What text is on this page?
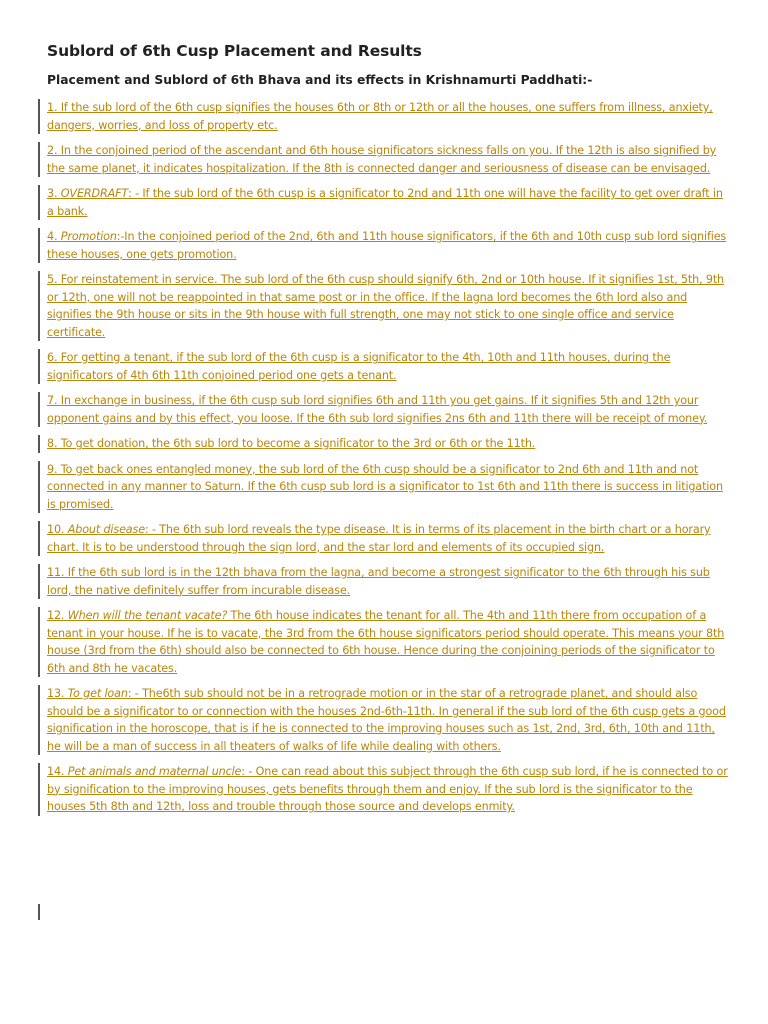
Sublord of 6th Cusp Placement and Results
Placement and Sublord of 6th Bhava and its effects in Krishnamurti Paddhati:-
1. If the sub lord of the 6th cusp signifies the houses 6th or 8th or 12th or all the houses, one suffers from illness, anxiety, dangers, worries, and loss of property etc.
2. In the conjoined period of the ascendant and 6th house significators sickness falls on you. If the 12th is also signified by the same planet, it indicates hospitalization. If the 8th is connected danger and seriousness of disease can be envisaged.
3. OVERDRAFT: - If the sub lord of the 6th cusp is a significator to 2nd and 11th one will have the facility to get over draft in a bank.
4. Promotion:-In the conjoined period of the 2nd, 6th and 11th house significators, if the 6th and 10th cusp sub lord signifies these houses, one gets promotion.
5. For reinstatement in service. The sub lord of the 6th cusp should signify 6th, 2nd or 10th house. If it signifies 1st, 5th, 9th or 12th, one will not be reappointed in that same post or in the office. If the lagna lord becomes the 6th lord also and signifies the 9th house or sits in the 9th house with full strength, one may not stick to one single office and service certificate.
6. For getting a tenant, if the sub lord of the 6th cusp is a significator to the 4th, 10th and 11th houses, during the significators of 4th 6th 11th conjoined period one gets a tenant.
7. In exchange in business, if the 6th cusp sub lord signifies 6th and 11th you get gains. If it signifies 5th and 12th your opponent gains and by this effect, you loose. If the 6th sub lord signifies 2ns 6th and 11th there will be receipt of money.
8. To get donation, the 6th sub lord to become a significator to the 3rd or 6th or the 11th.
9. To get back ones entangled money, the sub lord of the 6th cusp should be a significator to 2nd 6th and 11th and not connected in any manner to Saturn. If the 6th cusp sub lord is a significator to 1st 6th and 11th there is success in litigation is promised.
10. About disease: - The 6th sub lord reveals the type disease. It is in terms of its placement in the birth chart or a horary chart. It is to be understood through the sign lord, and the star lord and elements of its occupied sign.
11. If the 6th sub lord is in the 12th bhava from the lagna, and become a strongest significator to the 6th through his sub lord, the native definitely suffer from incurable disease.
12. When will the tenant vacate? The 6th house indicates the tenant for all. The 4th and 11th there from occupation of a tenant in your house. If he is to vacate, the 3rd from the 6th house significators period should operate. This means your 8th house (3rd from the 6th) should also be connected to 6th house. Hence during the conjoining periods of the significator to 6th and 8th he vacates.
13. To get loan: - The6th sub should not be in a retrograde motion or in the star of a retrograde planet, and should also should be a significator to or connection with the houses 2nd-6th-11th. In general if the sub lord of the 6th cusp gets a good signification in the horoscope, that is if he is connected to the improving houses such as 1st, 2nd, 3rd, 6th, 10th and 11th, he will be a man of success in all theaters of walks of life while dealing with others.
14. Pet animals and maternal uncle: - One can read about this subject through the 6th cusp sub lord, if he is connected to or by signification to the improving houses, gets benefits through them and enjoy. If the sub lord is the significator to the houses 5th 8th and 12th, loss and trouble through those source and develops enmity.
